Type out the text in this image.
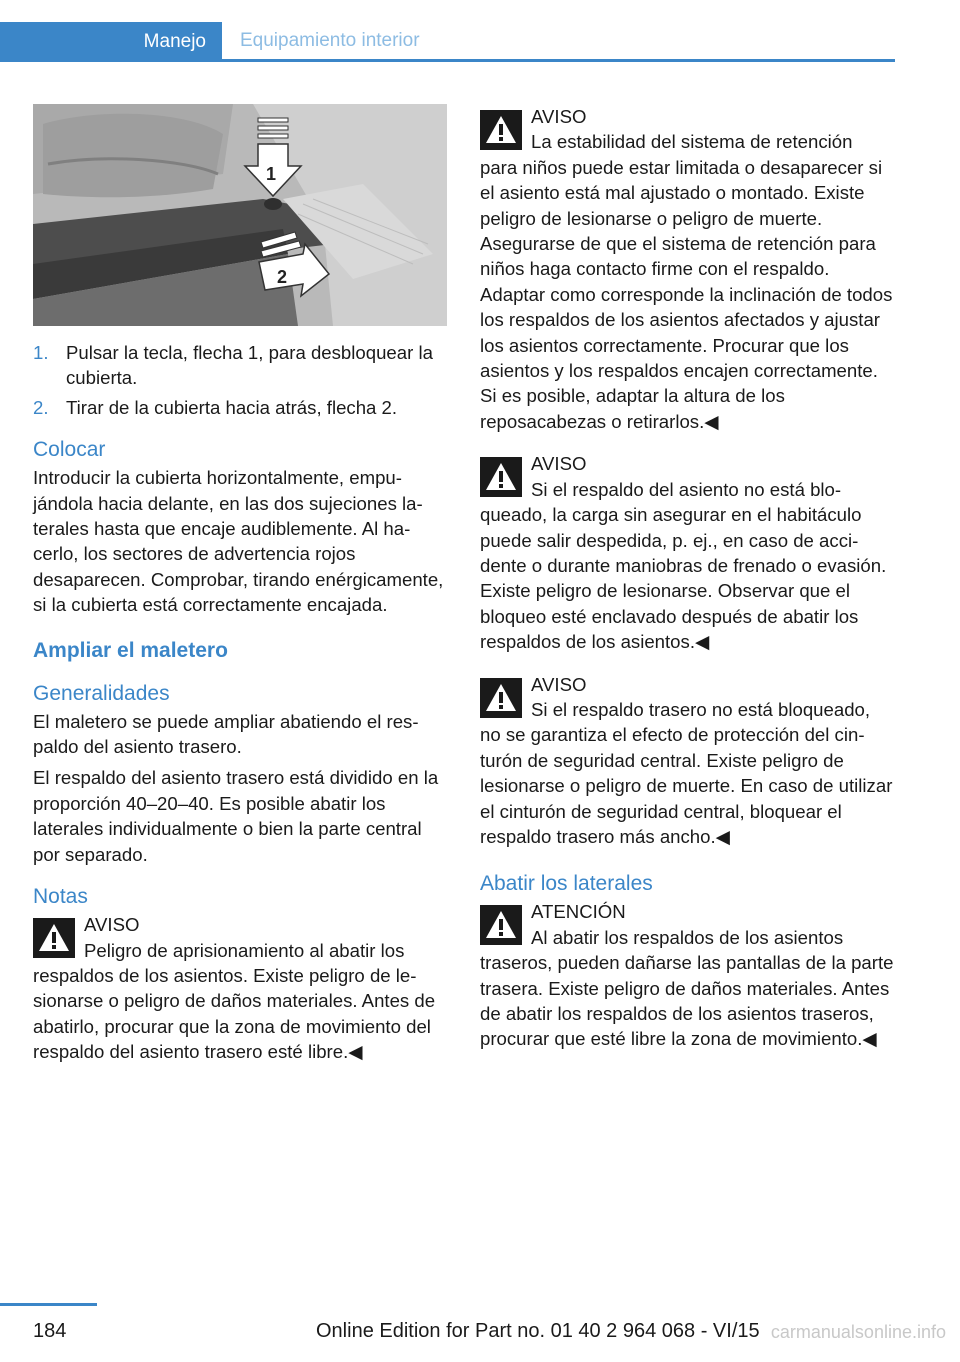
Manejo Equipamiento interior
1
2
1. Pulsar la tecla, flecha 1, para desbloquear la cubierta.
2. Tirar de la cubierta hacia atrás, flecha 2.
Colocar

Introducir la cubierta horizontalmente, empujándola hacia delante, en las dos sujeciones laterales hasta que encaje audiblemente. Al hacerlo, los sectores de advertencia rojos desaparecen. Comprobar, tirando enérgicamente, si la cubierta está correctamente encajada.

Ampliar el maletero
Generalidades

El maletero se puede ampliar abatiendo el respaldo del asiento trasero.

El respaldo del asiento trasero está dividido en la proporción 40–20–40. Es posible abatir los laterales individualmente o bien la parte central por separado.

Notas
AVISO
Peligro de aprisionamiento al abatir los respaldos de los asientos. Existe peligro de lesionarse o peligro de daños materiales. Antes de abatirlo, procurar que la zona de movimiento del respaldo del asiento trasero esté libre.◀
AVISO
La estabilidad del sistema de retención para niños puede estar limitada o desaparecer si el asiento está mal ajustado o montado. Existe peligro de lesionarse o peligro de muerte. Asegurarse de que el sistema de retención para niños haga contacto firme con el respaldo. Adaptar como corresponde la inclinación de todos los respaldos de los asientos afectados y ajustar los asientos correctamente. Procurar que los asientos y los respaldos encajen correctamente. Si es posible, adaptar la altura de los reposacabezas o retirarlos.◀
AVISO
Si el respaldo del asiento no está bloqueado, la carga sin asegurar en el habitáculo puede salir despedida, p. ej., en caso de accidente o durante maniobras de frenado o evasión. Existe peligro de lesionarse. Observar que el bloqueo esté enclavado después de abatir los respaldos de los asientos.◀
AVISO
Si el respaldo trasero no está bloqueado, no se garantiza el efecto de protección del cinturón de seguridad central. Existe peligro de lesionarse o peligro de muerte. En caso de utilizar el cinturón de seguridad central, bloquear el respaldo trasero más ancho.◀
Abatir los laterales
ATENCIÓN
Al abatir los respaldos de los asientos traseros, pueden dañarse las pantallas de la parte trasera. Existe peligro de daños materiales. Antes de abatir los respaldos de los asientos traseros, procurar que esté libre la zona de movimiento.◀
184	Online Edition for Part no. 01 40 2 964 068 - VI/15 carmanualsonline.info
